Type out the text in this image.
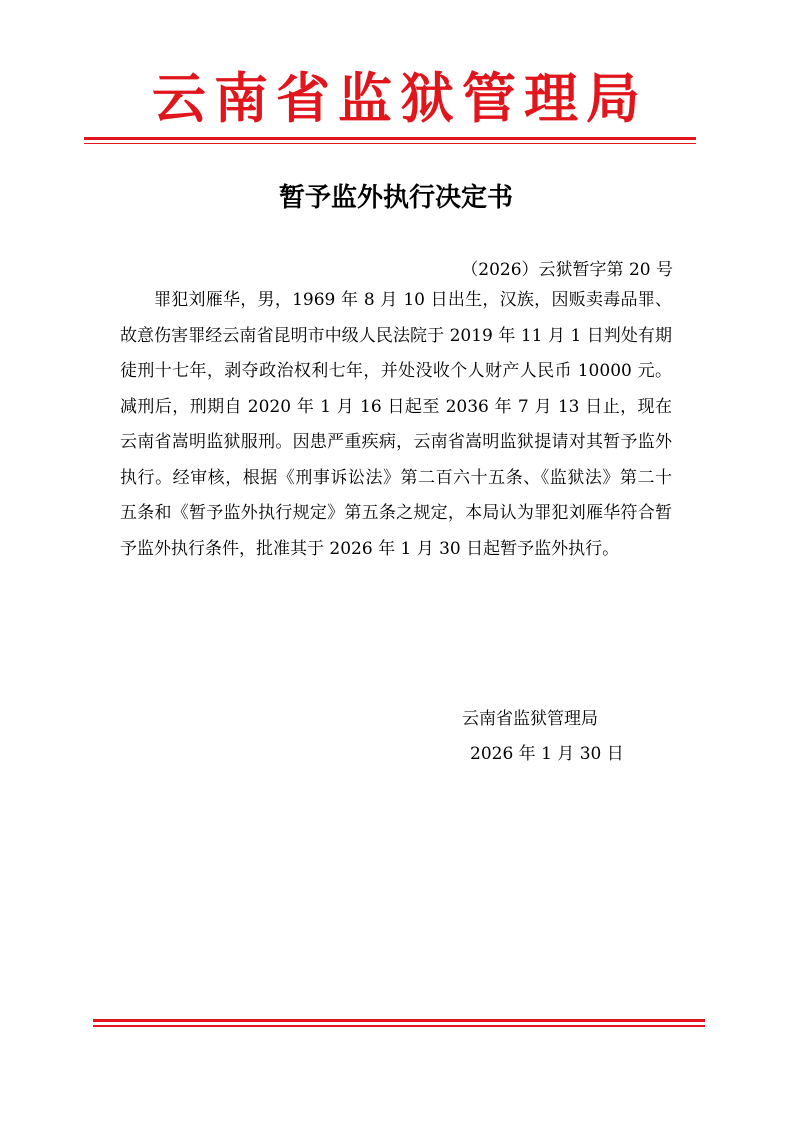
云南省监狱管理局
暂予监外执行决定书
（2026）云狱暂字第 20 号

罪犯刘雁华，男，1969 年 8 月 10 日出生，汉族，因贩卖毒品罪、故意伤害罪经云南省昆明市中级人民法院于 2019 年 11 月 1 日判处有期徒刑十七年，剥夺政治权利七年，并处没收个人财产人民币 10000 元。减刑后，刑期自 2020 年 1 月 16 日起至 2036 年 7 月 13 日止，现在云南省嵩明监狱服刑。因患严重疾病，云南省嵩明监狱提请对其暂予监外执行。经审核，根据《刑事诉讼法》第二百六十五条、《监狱法》第二十五条和《暂予监外执行规定》第五条之规定，本局认为罪犯刘雁华符合暂予监外执行条件，批准其于 2026 年 1 月 30 日起暂予监外执行。

云南省监狱管理局
2026 年 1 月 30 日
